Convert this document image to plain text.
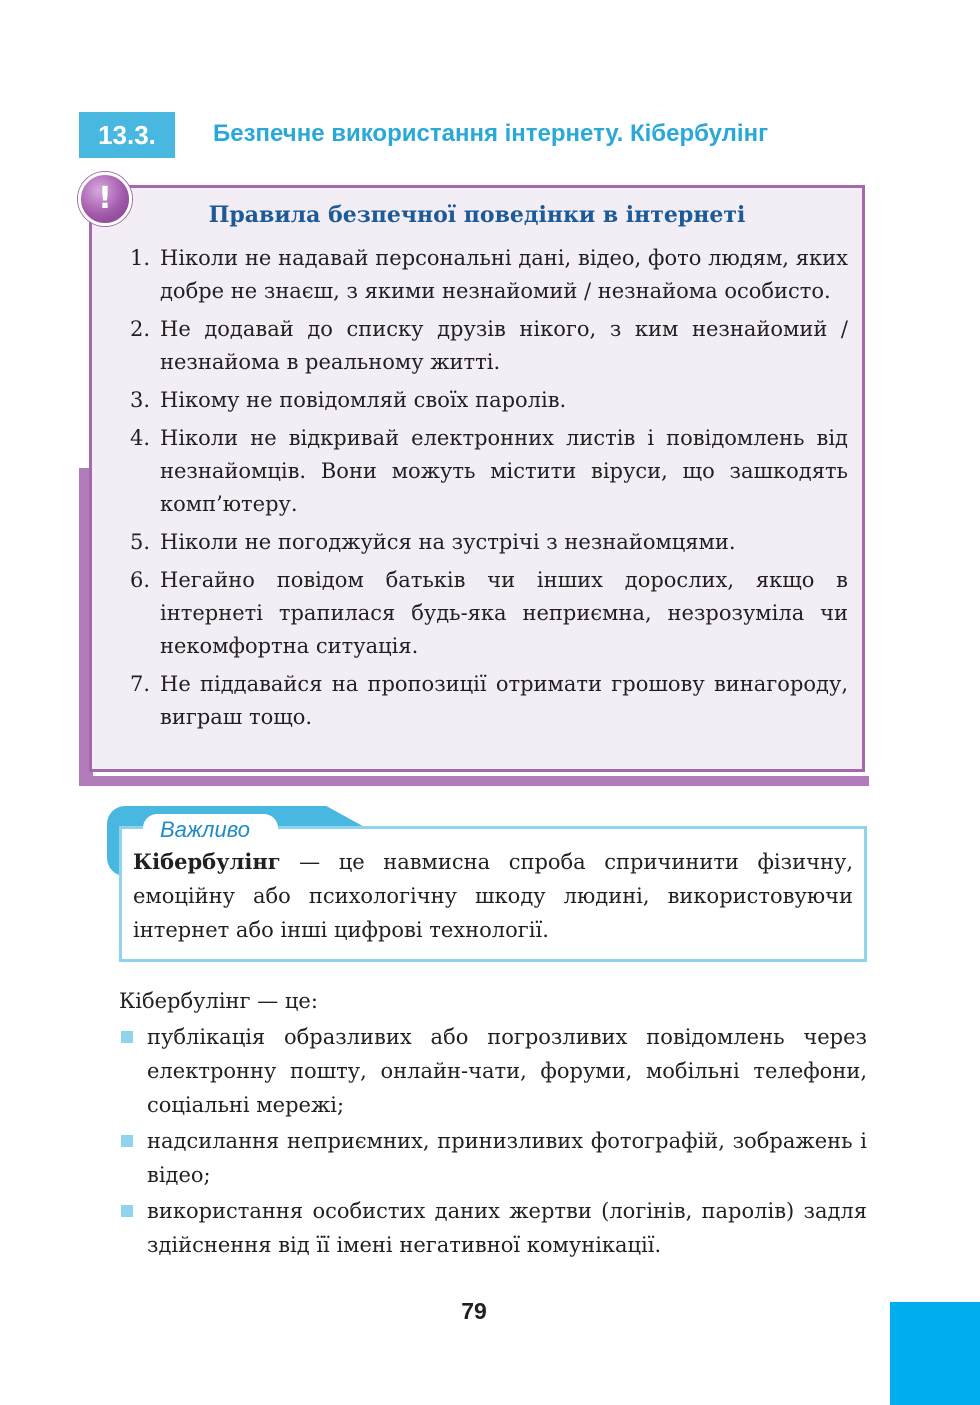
13.3.	Безпечне використання інтернету. Кібербулінг
!	Правила безпечної поведінки в інтернеті
1. Ніколи не надавай персональні дані, відео, фото людям, яких добре не знаєш, з якими незнайомий / незнайома особисто.
2. Не додавай до списку друзів нікого, з ким незнайомий / незнайома в реальному житті.
3. Нікому не повідомляй своїх паролів.
4. Ніколи не відкривай електронних листів і повідомлень від незнайомців. Вони можуть містити віруси, що зашкодять комп’ютеру.
5. Ніколи не погоджуйся на зустрічі з незнайомцями.
6. Негайно повідом батьків чи інших дорослих, якщо в інтернеті трапилася будь-яка неприємна, незрозуміла чи некомфортна ситуація.
7. Не піддавайся на пропозиції отримати грошову винагороду, виграш тощо.
Важливо
Кібербулінг — це навмисна спроба спричинити фізичну, емоційну або психологічну шкоду людині, використовуючи інтернет або інші цифрові технології.
Кібербулінг — це:
публікація образливих або погрозливих повідомлень через електронну пошту, онлайн-чати, форуми, мобільні телефони, соціальні мережі;
надсилання неприємних, принизливих фотографій, зображень і відео;
використання особистих даних жертви (логінів, паролів) задля здійснення від її імені негативної комунікації.
79
